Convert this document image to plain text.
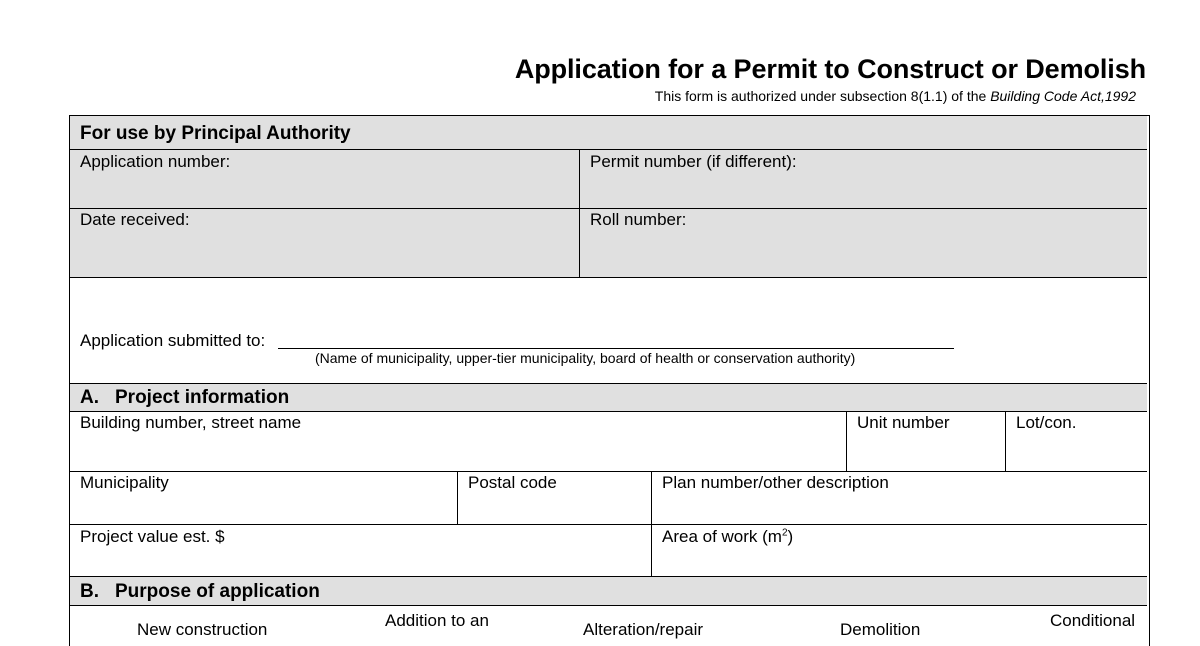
Application for a Permit to Construct or Demolish

This form is authorized under subsection 8(1.1) of the Building Code Act,1992

For use by Principal Authority
Application number:	Permit number (if different):
Date received:	Roll number:
Application submitted to:
(Name of municipality, upper-tier municipality, board of health or conservation authority)
A. Project information
Building number, street name	Unit number	Lot/con.
Municipality	Postal code	Plan number/other description
Project value est. $	Area of work $(m^2)$
B. Purpose of application
New construction	Addition to an	Alteration/repair	Demolition	Conditional
